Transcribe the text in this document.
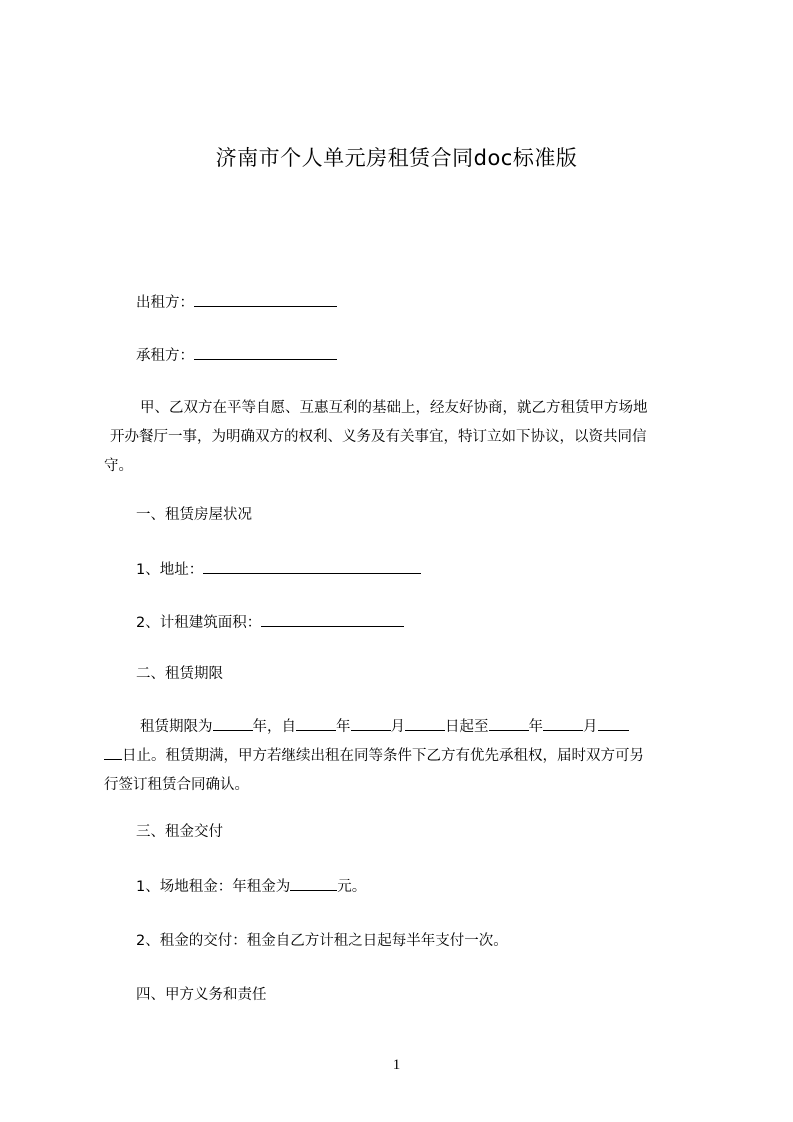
济南市个人单元房租赁合同doc标准版
出租方：
承租方：

甲、乙双方在平等自愿、互惠互利的基础上，经友好协商，就乙方租赁甲方场地

开办餐厅一事，为明确双方的权利、义务及有关事宜，特订立如下协议，以资共同信

守。

一、租赁房屋状况
1、地址：
2、计租建筑面积：
二、租赁期限

租赁期限为	年，自	年	月	日起至	年	月

日止。租赁期满，甲方若继续出租在同等条件下乙方有优先承租权，届时双方可另

行签订租赁合同确认。

三、租金交付
1、场地租金：年租金为	元。
2、租金的交付：租金自乙方计租之日起每半年支付一次。
四、甲方义务和责任
1
